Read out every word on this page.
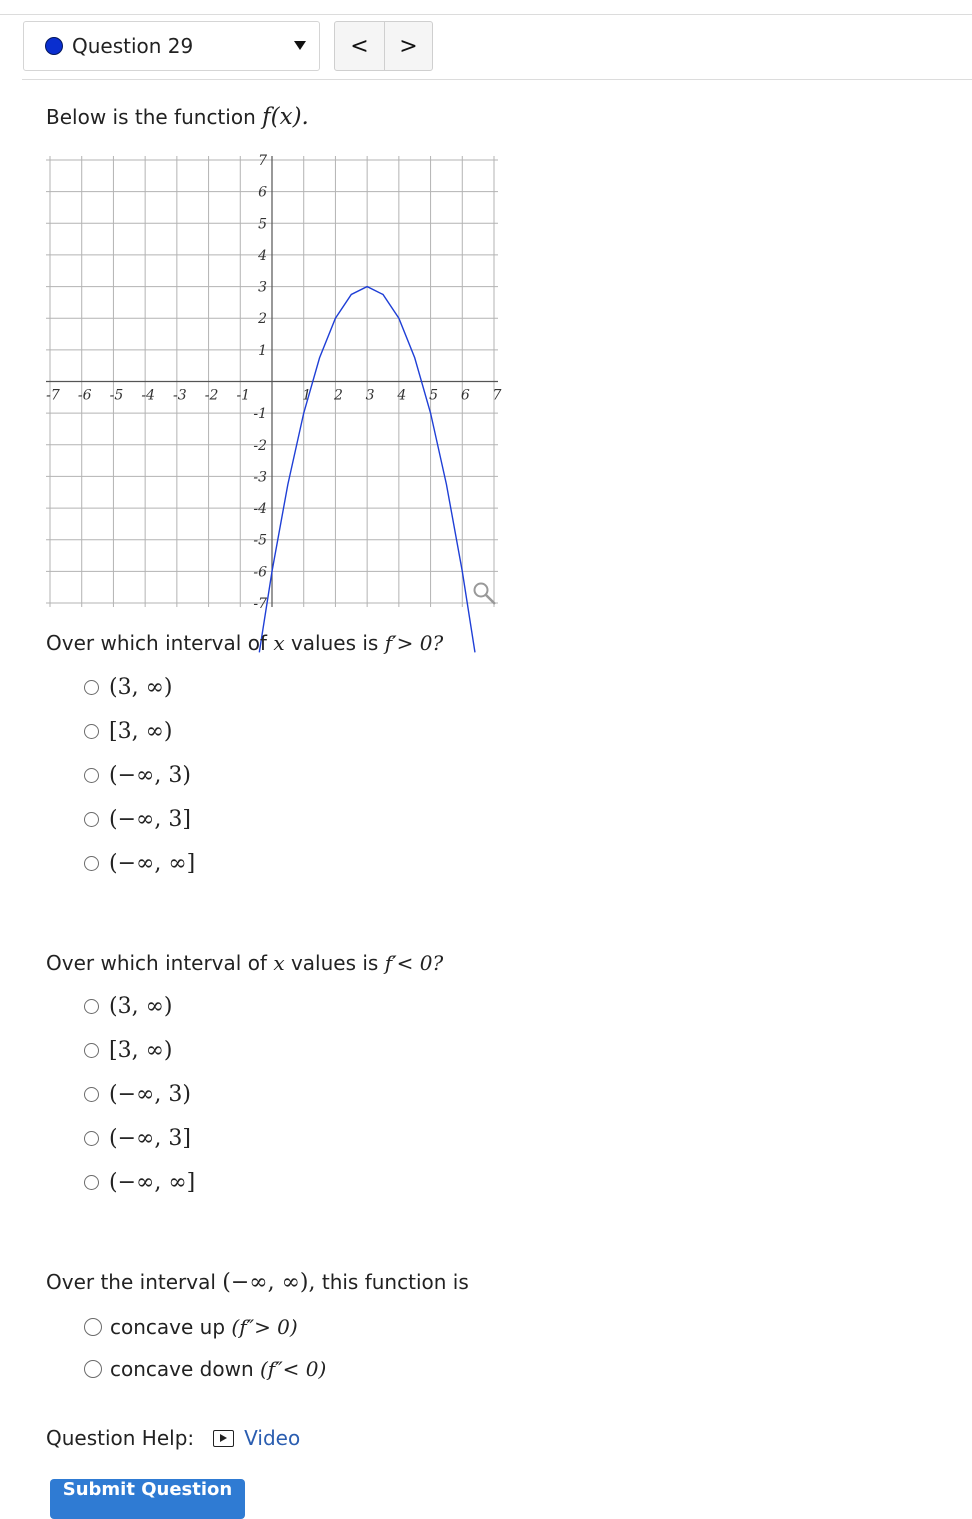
Question 29	< >
Below is the function f(x).
-7 -6 -5 -4 -3 -2 -1	1 2 3 4 5 6 7
7
6
5
4
3
2
1
-1
-2
-3
-4
-5
-6
-7
Over which interval of x values is f′> 0?
(3, ∞)
[3, ∞)
(−∞, 3)
(−∞, 3]
(−∞, ∞]
Over which interval of x values is f′< 0?
(3, ∞)
[3, ∞)
(−∞, 3)
(−∞, 3]
(−∞, ∞]
Over the interval (−∞, ∞), this function is
concave up
(f″> 0)
concave down
(f″< 0)
Question Help:	Video
Submit Question
